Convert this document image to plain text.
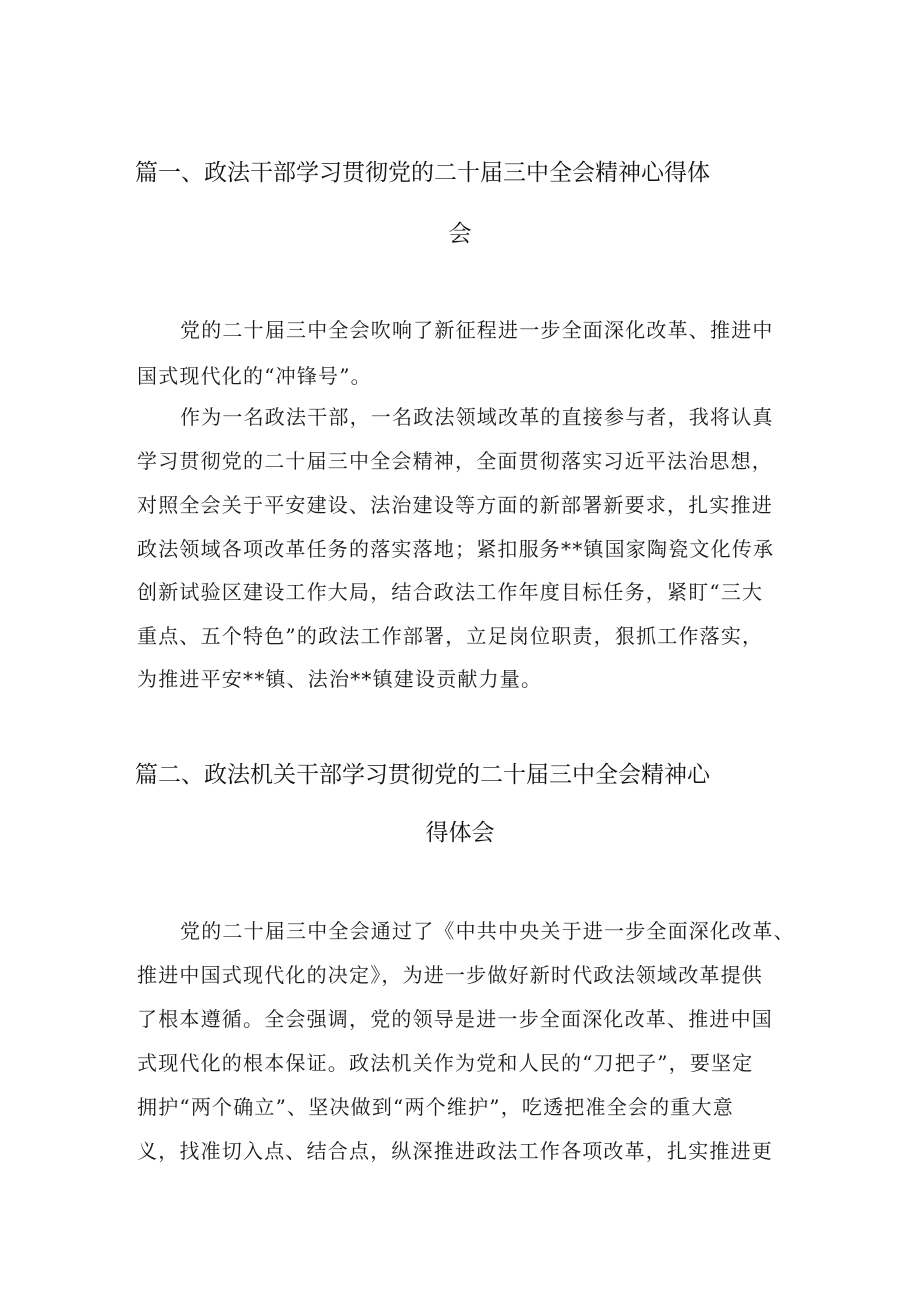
篇一、政法干部学习贯彻党的二十届三中全会精神心得体
会
党的二十届三中全会吹响了新征程进一步全面深化改革、推进中
国式现代化的“冲锋号”。
作为一名政法干部，一名政法领域改革的直接参与者，我将认真
学习贯彻党的二十届三中全会精神，全面贯彻落实习近平法治思想，
对照全会关于平安建设、法治建设等方面的新部署新要求，扎实推进
政法领域各项改革任务的落实落地；紧扣服务**镇国家陶瓷文化传承
创新试验区建设工作大局，结合政法工作年度目标任务，紧盯“三大
重点、五个特色”的政法工作部署，立足岗位职责，狠抓工作落实，
为推进平安**镇、法治**镇建设贡献力量。
篇二、政法机关干部学习贯彻党的二十届三中全会精神心
得体会
党的二十届三中全会通过了《中共中央关于进一步全面深化改革、
推进中国式现代化的决定》，为进一步做好新时代政法领域改革提供
了根本遵循。全会强调，党的领导是进一步全面深化改革、推进中国
式现代化的根本保证。政法机关作为党和人民的“刀把子”，要坚定
拥护“两个确立”、坚决做到“两个维护”，吃透把准全会的重大意
义，找准切入点、结合点，纵深推进政法工作各项改革，扎实推进更
